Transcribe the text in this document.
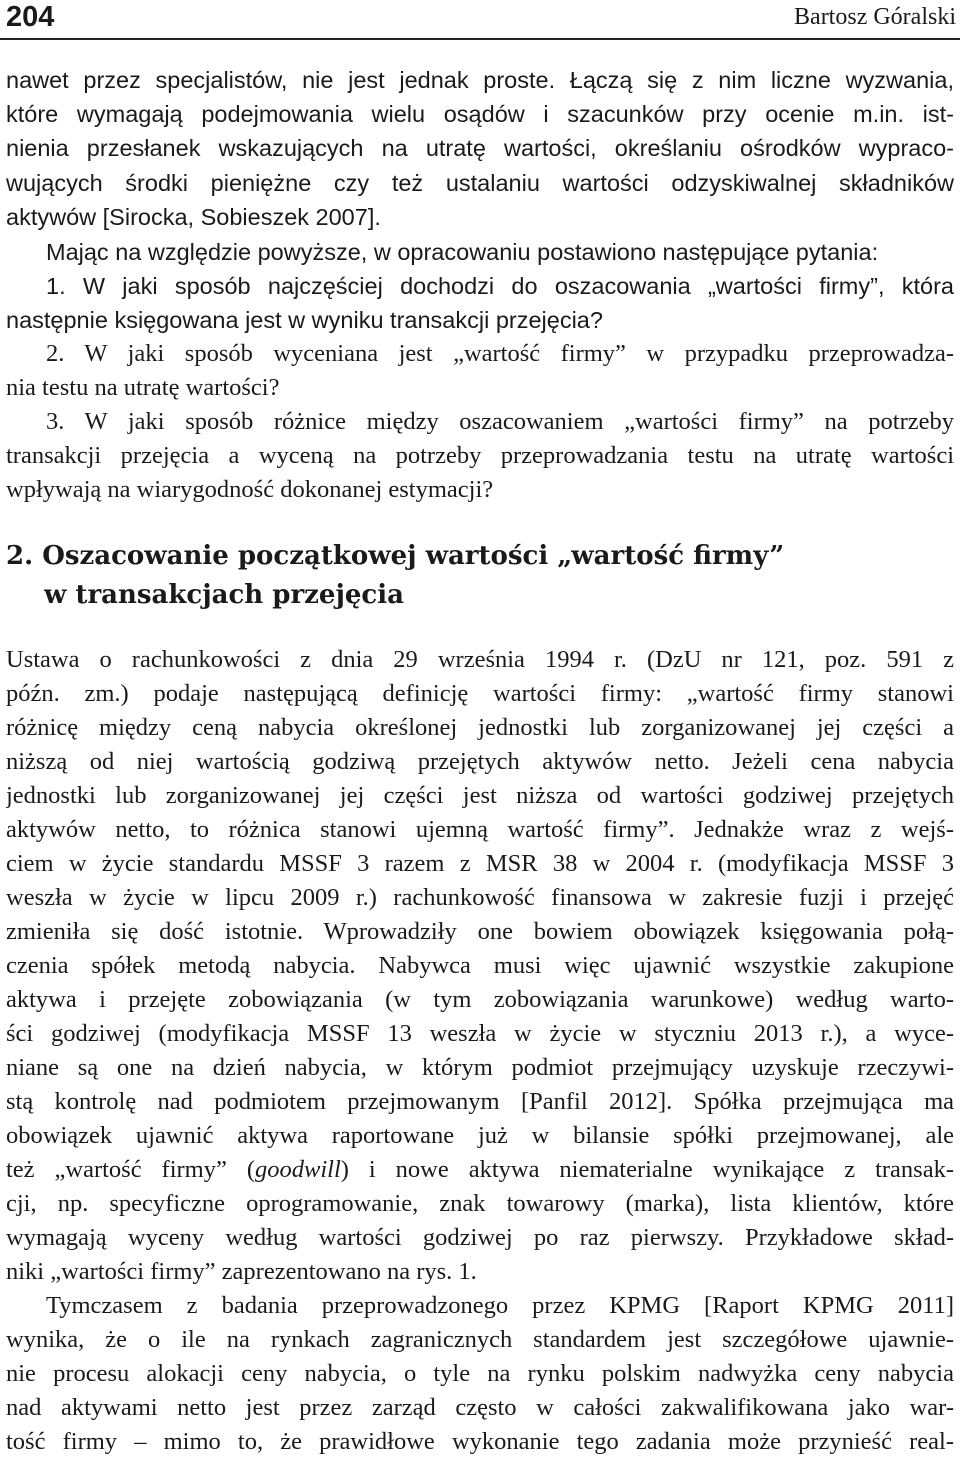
204	Bartosz Góralski
nawet przez specjalistów, nie jest jednak proste. Łączą się z nim liczne wyzwania,
które wymagają podejmowania wielu osądów i szacunków przy ocenie m.in. ist-
nienia przesłanek wskazujących na utratę wartości, określaniu ośrodków wypraco-
wujących środki pieniężne czy też ustalaniu wartości odzyskiwalnej składników
aktywów [Sirocka, Sobieszek 2007].
Mając na względzie powyższe, w opracowaniu postawiono następujące pytania:
1. W jaki sposób najczęściej dochodzi do oszacowania „wartości firmy”, która
następnie księgowana jest w wyniku transakcji przejęcia?
2. W jaki sposób wyceniana jest „wartość firmy” w przypadku przeprowadza-
nia testu na utratę wartości?
3. W jaki sposób różnice między oszacowaniem „wartości firmy” na potrzeby
transakcji przejęcia a wyceną na potrzeby przeprowadzania testu na utratę wartości
wpływają na wiarygodność dokonanej estymacji?
2. Oszacowanie początkowej wartości „wartość firmy”
w transakcjach przejęcia
Ustawa o rachunkowości z dnia 29 września 1994 r. (DzU nr 121, poz. 591 z
późn. zm.) podaje następującą definicję wartości firmy: „wartość firmy stanowi
różnicę między ceną nabycia określonej jednostki lub zorganizowanej jej części a
niższą od niej wartością godziwą przejętych aktywów netto. Jeżeli cena nabycia
jednostki lub zorganizowanej jej części jest niższa od wartości godziwej przejętych
aktywów netto, to różnica stanowi ujemną wartość firmy”. Jednakże wraz z wejś-
ciem w życie standardu MSSF 3 razem z MSR 38 w 2004 r. (modyfikacja MSSF 3
weszła w życie w lipcu 2009 r.) rachunkowość finansowa w zakresie fuzji i przejęć
zmieniła się dość istotnie. Wprowadziły one bowiem obowiązek księgowania połą-
czenia spółek metodą nabycia. Nabywca musi więc ujawnić wszystkie zakupione
aktywa i przejęte zobowiązania (w tym zobowiązania warunkowe) według warto-
ści godziwej (modyfikacja MSSF 13 weszła w życie w styczniu 2013 r.), a wyce-
niane są one na dzień nabycia, w którym podmiot przejmujący uzyskuje rzeczywi-
stą kontrolę nad podmiotem przejmowanym [Panfil 2012]. Spółka przejmująca ma
obowiązek ujawnić aktywa raportowane już w bilansie spółki przejmowanej, ale
też „wartość firmy” (goodwill) i nowe aktywa niematerialne wynikające z transak-
cji, np. specyficzne oprogramowanie, znak towarowy (marka), lista klientów, które
wymagają wyceny według wartości godziwej po raz pierwszy. Przykładowe skład-
niki „wartości firmy” zaprezentowano na rys. 1.
Tymczasem z badania przeprowadzonego przez KPMG [Raport KPMG 2011]
wynika, że o ile na rynkach zagranicznych standardem jest szczegółowe ujawnie-
nie procesu alokacji ceny nabycia, o tyle na rynku polskim nadwyżka ceny nabycia
nad aktywami netto jest przez zarząd często w całości zakwalifikowana jako war-
tość firmy – mimo to, że prawidłowe wykonanie tego zadania może przynieść real-
